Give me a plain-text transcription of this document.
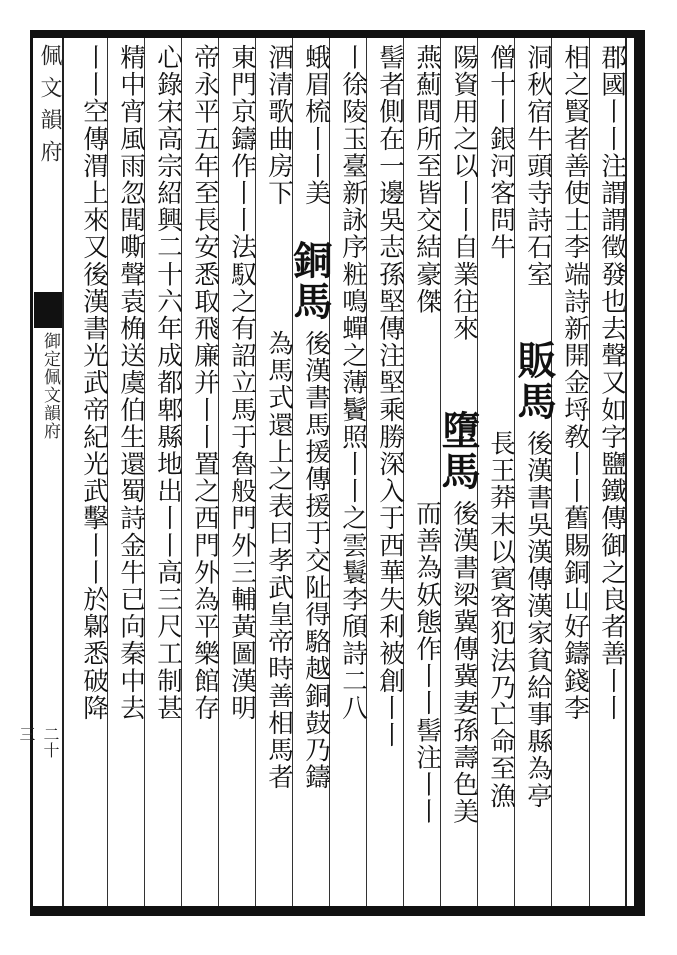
佩文韻府
御定佩文韻府
二十三
郡國丨丨注謂謂徵發也去聲又如字鹽鐵傳御之良者善丨丨
相之賢者善使士李端詩新開金埒敎丨丨舊賜銅山好鑄錢李
洞秋宿牛頭寺詩石室
販馬
後漢書吳漢傳漢家貧給事縣為亭
僧十丨銀河客問牛
長王莽末以賓客犯法乃亡命至漁
陽資用之以丨丨自業往來
墮馬
後漢書梁冀傳冀妻孫壽色美
燕薊間所至皆交結豪傑
而善為妖態作丨丨髻注丨丨
髻者側在一邊吳志孫堅傳注堅乘勝深入于西華失利被創丨丨
丨徐陵玉臺新詠序粧鳴蟬之薄鬢照丨丨之雲鬟李頎詩二八
蛾眉梳丨丨美
銅馬
後漢書馬援傳援于交阯得駱越銅鼓乃鑄
酒清歌曲房下
為馬式還上之表曰孝武皇帝時善相馬者
東門京鑄作丨丨法馭之有詔立馬于魯般門外三輔黃圖漢明
帝永平五年至長安悉取飛廉并丨丨置之西門外為平樂館存
心錄宋高宗紹興二十六年成都郫縣地出丨丨高三尺工制甚
精中宵風雨忽聞嘶聲袁桷送虞伯生還蜀詩金牛已向秦中去
丨丨空傳渭上來又後漢書光武帝紀光武擊丨丨於鄡悉破降
